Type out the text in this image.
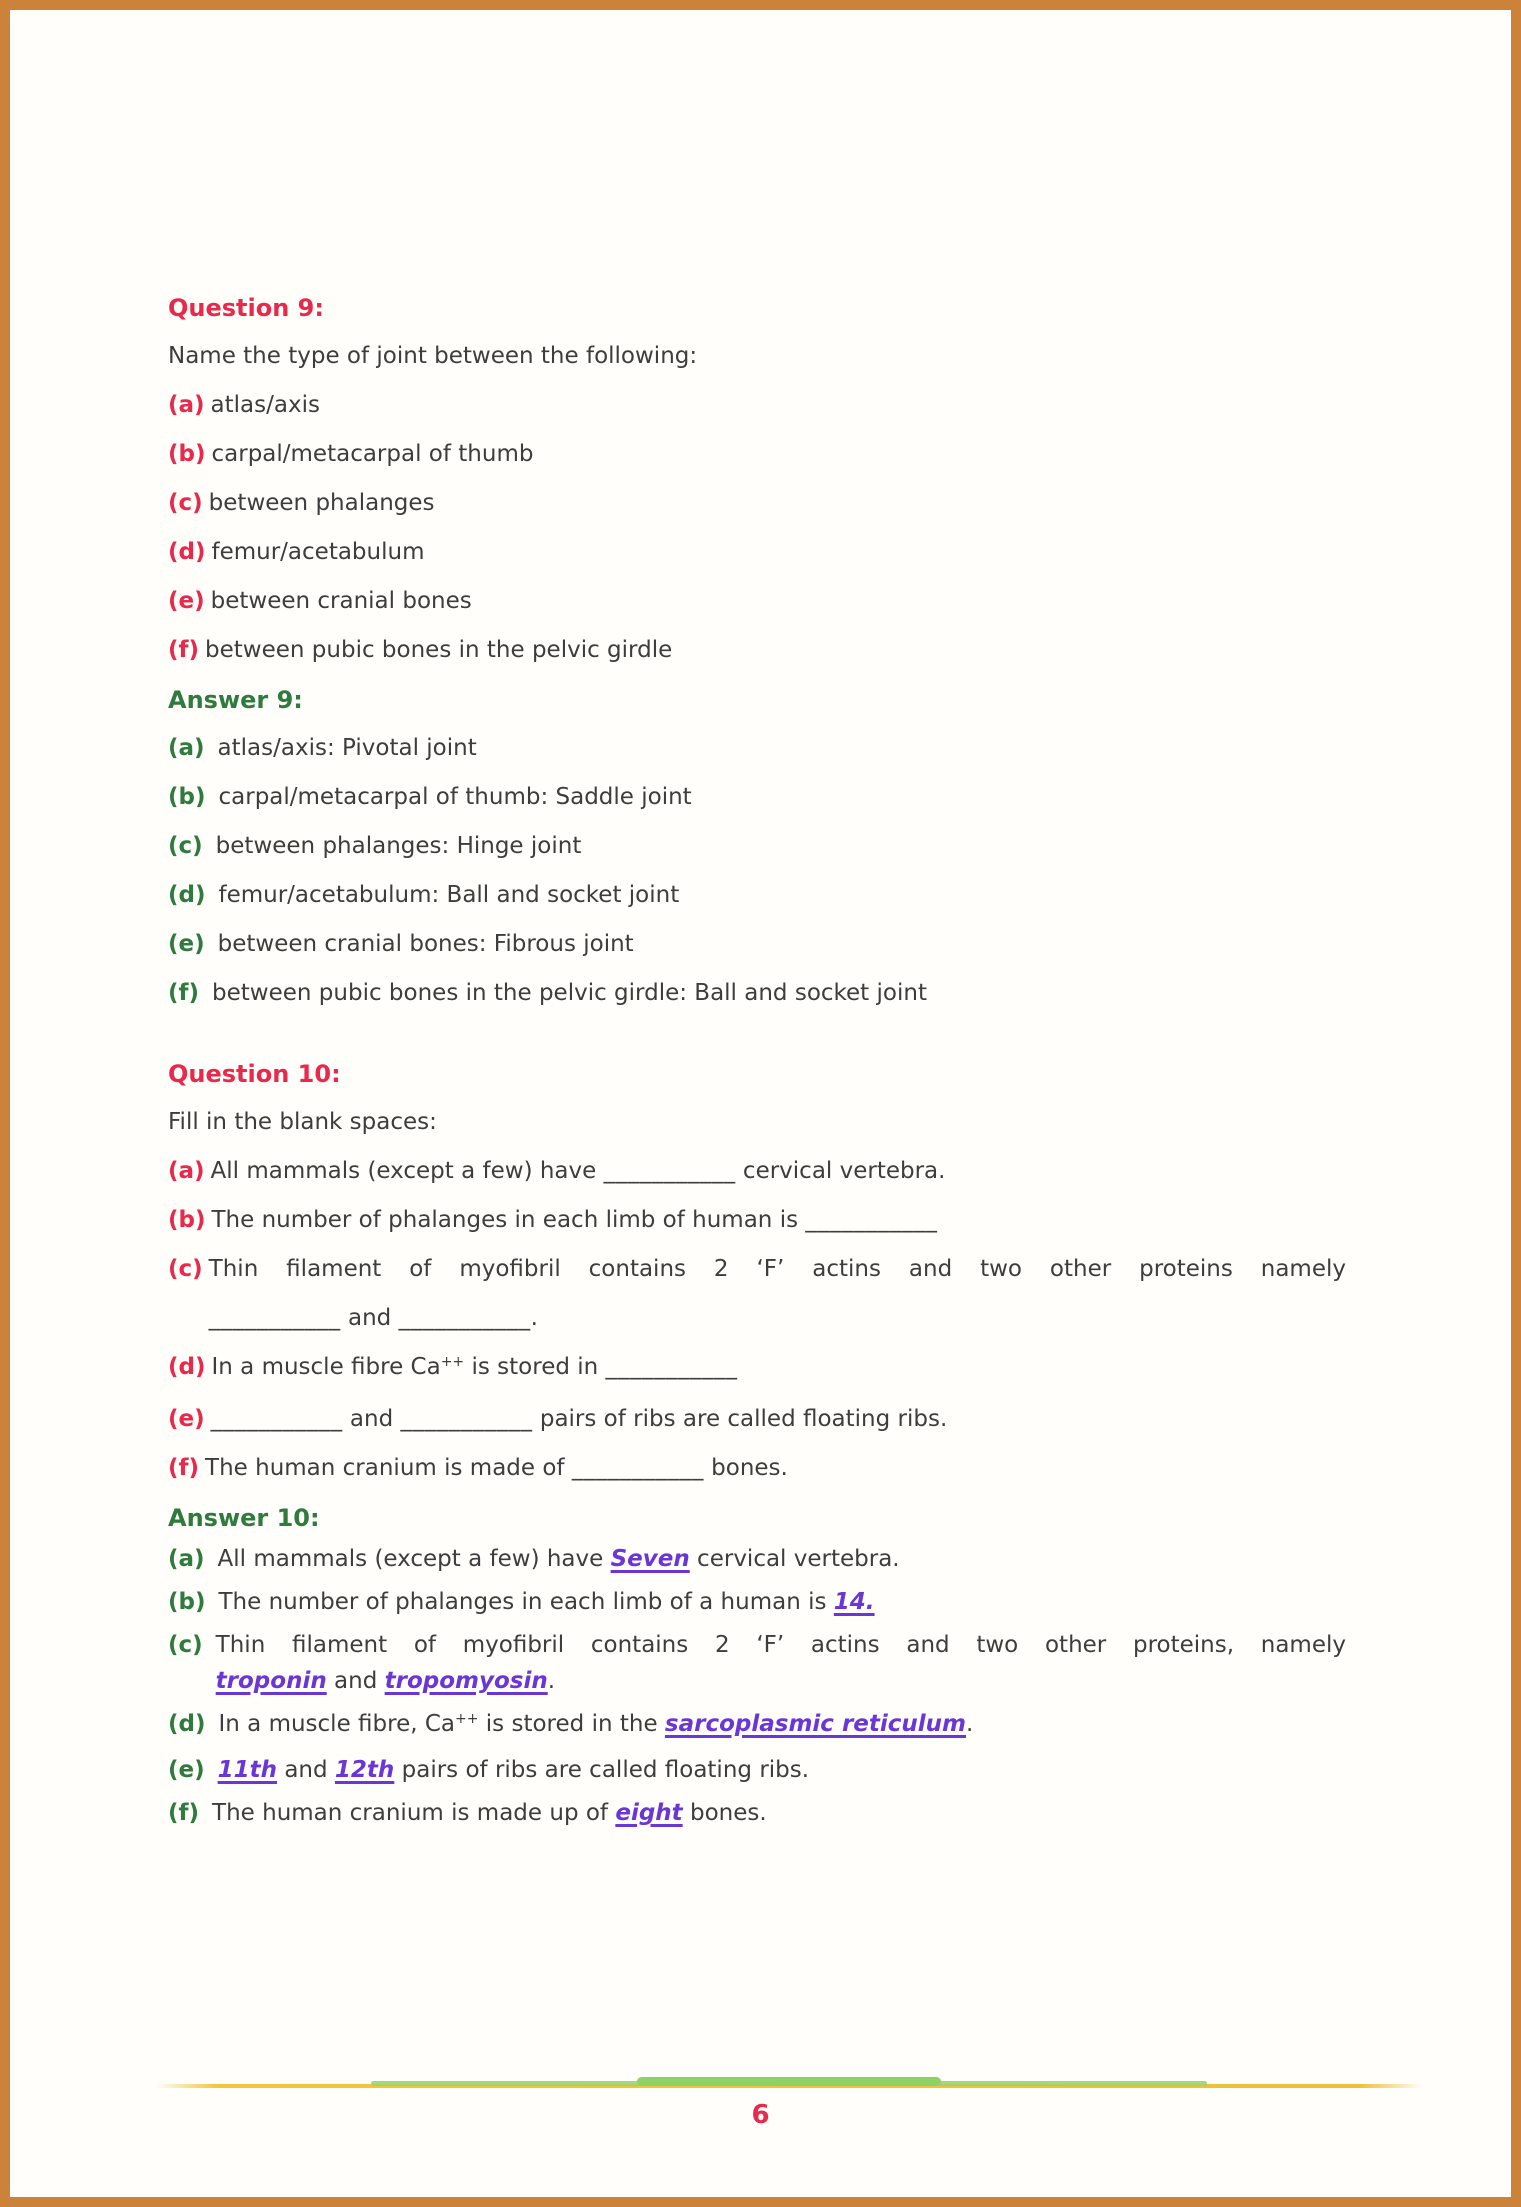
Question 9:
Name the type of joint between the following:
(a) atlas/axis
(b) carpal/metacarpal of thumb
(c) between phalanges
(d) femur/acetabulum
(e) between cranial bones
(f) between pubic bones in the pelvic girdle
Answer 9:
(a) atlas/axis: Pivotal joint
(b) carpal/metacarpal of thumb: Saddle joint
(c) between phalanges: Hinge joint
(d) femur/acetabulum: Ball and socket joint
(e) between cranial bones: Fibrous joint
(f) between pubic bones in the pelvic girdle: Ball and socket joint
Question 10:
Fill in the blank spaces:
(a) All mammals (except a few) have ___________ cervical vertebra.
(b) The number of phalanges in each limb of human is ___________
(c) Thin filament of myofibril contains 2 ‘F’ actins and two other proteins namely
___________ and ___________.
(d) In a muscle fibre Ca++ is stored in ___________
(e) ___________ and ___________ pairs of ribs are called floating ribs.
(f) The human cranium is made of ___________ bones.
Answer 10:
(a) All mammals (except a few) have Seven cervical vertebra.
(b) The number of phalanges in each limb of a human is 14.
(c) Thin filament of myofibril contains 2 ‘F’ actins and two other proteins, namely
troponin and tropomyosin.
(d) In a muscle fibre, Ca++ is stored in the sarcoplasmic reticulum.
(e) 11th and 12th pairs of ribs are called floating ribs.
(f) The human cranium is made up of eight bones.
6
